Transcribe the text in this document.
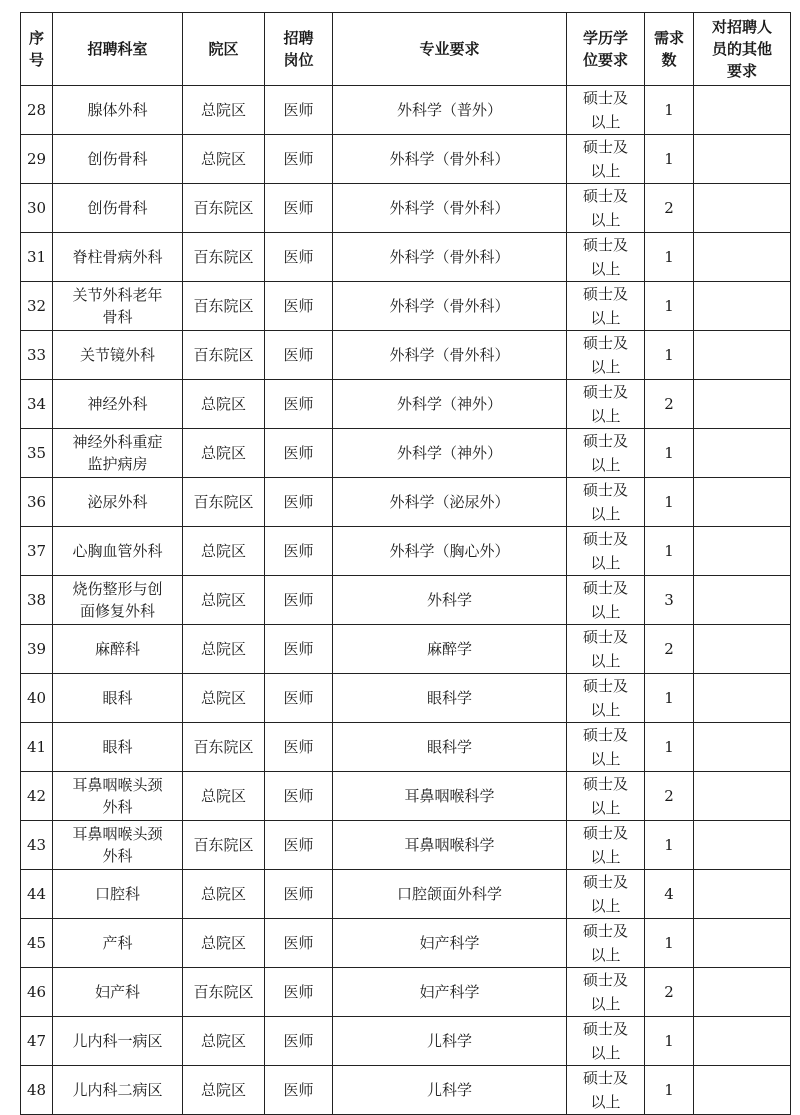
序
号	招聘科室	院区	招聘
岗位	专业要求	学历学
位要求	需求
数	对招聘人
员的其他
要求

28	腺体外科	总院区	医师	外科学（普外）	硕士及
以上	1	
29	创伤骨科	总院区	医师	外科学（骨外科）	硕士及
以上	1	
30	创伤骨科	百东院区	医师	外科学（骨外科）	硕士及
以上	2	
31	脊柱骨病外科	百东院区	医师	外科学（骨外科）	硕士及
以上	1	
32	关节外科老年
骨科	百东院区	医师	外科学（骨外科）	硕士及
以上	1	
33	关节镜外科	百东院区	医师	外科学（骨外科）	硕士及
以上	1	
34	神经外科	总院区	医师	外科学（神外）	硕士及
以上	2	
35	神经外科重症
监护病房	总院区	医师	外科学（神外）	硕士及
以上	1	
36	泌尿外科	百东院区	医师	外科学（泌尿外）	硕士及
以上	1	
37	心胸血管外科	总院区	医师	外科学（胸心外）	硕士及
以上	1	
38	烧伤整形与创
面修复外科	总院区	医师	外科学	硕士及
以上	3	
39	麻醉科	总院区	医师	麻醉学	硕士及
以上	2	
40	眼科	总院区	医师	眼科学	硕士及
以上	1	
41	眼科	百东院区	医师	眼科学	硕士及
以上	1	
42	耳鼻咽喉头颈
外科	总院区	医师	耳鼻咽喉科学	硕士及
以上	2	
43	耳鼻咽喉头颈
外科	百东院区	医师	耳鼻咽喉科学	硕士及
以上	1	
44	口腔科	总院区	医师	口腔颌面外科学	硕士及
以上	4	
45	产科	总院区	医师	妇产科学	硕士及
以上	1	
46	妇产科	百东院区	医师	妇产科学	硕士及
以上	2	
47	儿内科一病区	总院区	医师	儿科学	硕士及
以上	1	
48	儿内科二病区	总院区	医师	儿科学	硕士及
以上	1	
